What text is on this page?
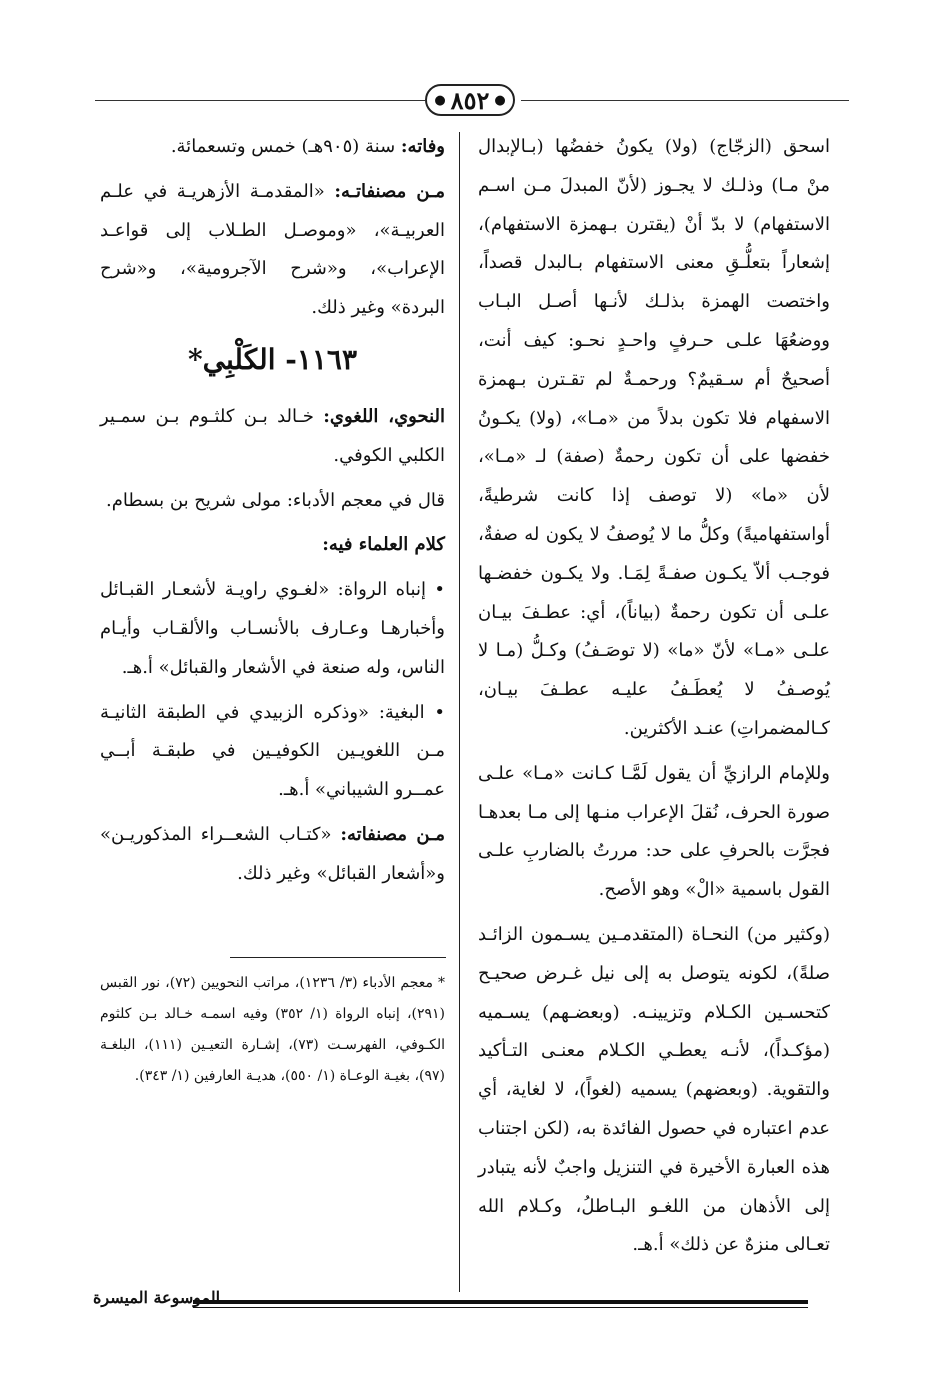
●
٨٥٢
●

اسحق (الزجّاج) (ولا) يكونُ خفضُها (بـالإبدال منْ مـا) وذلـك لا يجـوز (لأنّ المبدلَ مـن اسـم الاستفهام) لا بدّ أنْ (يقترن بـهمزة الاستفهام)، إشعاراً بتعلُّـقِ معنى الاستفهام بـالبدل قصداً، واختصت الهمزة بذلـك لأنـها أصـل البـاب ووضعُهَا علـى حـرفٍ واحـدٍ نحـو: كيف أنت، أصحيحٌ أم سـقيمٌ؟ ورحمـةٌ لم تقـترن بـهمزة الاسفهام فلا تكون بدلاً من «مـا»، (ولا) يكـونُ خفضها على أن تكون رحمةٌ (صفة) لـ «مـا»، لأن «ما» (لا توصف إذا كانت شرطيةً، أواستفهاميةً) وكلُّ ما لا يُوصفُ لا يكون له صفةٌ، فوجـب ألاّ يكـون صفـةً لِمَـا. ولا يكـون خفضـها علـى أن تكون رحمةٌ (بياناً)، أي: عطـفَ بيـان علـى «مـا» لأنّ «ما» (لا توصَـفُ) وكـلُّ (مـا لا يُوصـفُ لا يُعطَـفُ عليـه عطـفَ بيـان، كـالمضمراتِ) عنـد الأكثرين.

وللإمام الرازيِّ أن يقول لَمَّـا كـانت «مـا» علـى صورة الحرف، نُقلَ الإعراب منـها إلى مـا بعدهـا فجرَّت بالحرفِ على حد: مررتُ بالضاربِ علـى القول باسمية «الْ» وهو الأصح.

(وكثير من) النحـاة (المتقدمـين يسـمون الزائـد صلةً)، لكونه يتوصل به إلى نيل غـرض صحيـح كتحسـين الكـلام وتزيينـه. (وبعضـهم) يسـميه (مؤكـداً)، لأنـه يعطـي الكـلام معنـى التـأكيد والتقوية. (وبعضهم) يسميه (لغواً)، لا لغاية، أي عدم اعتباره في حصول الفائدة به، (لكن اجتناب هذه العبارة الأخيرة في التنزيل واجبٌ لأنه يتبادر إلى الأذهان من اللغـو البـاطلُ، وكـلام الله تعـالى منزهٌ عن ذلك» أ.هـ.

وفاته: سنة (٩٠٥هـ) خمس وتسعمائة.

مـن مصنفاتـه: «المقدمـة الأزهريـة في علـم العربيـة»، «وموصـل الطـلاب إلى قواعـد الإعراب»، و«شرح الآجرومية»، و«شرح البردة» وغير ذلك.

١١٦٣- الكَلْبِي*

النحوي، اللغوي: خـالد بـن كلثـوم بـن سمـير الكلبي الكوفي.

قال في معجم الأدباء: مولى شريح بن بسطام.

كلام العلماء فيه:

• إنباه الرواة: «لغـوي راويـة لأشعـار القبـائل وأخبارهـا وعـارف بالأنسـاب والألقـاب وأيـام الناس، وله صنعة في الأشعار والقبائل» أ.هـ.

• البغية: «وذكره الزبيدي في الطبقة الثانيـة مـن اللغويـين الكوفيـين في طبقـة أبــي عمــرو الشيباني» أ.هـ.

مـن مصنفاته: «كتـاب الشعــراء المذكوريـن» و«أشعار القبائل» وغير ذلك.

* معجم الأدباء (٣/ ١٢٣٦)، مراتب النحويين (٧٢)، نور القبس (٢٩١)، إنباه الرواة (١/ ٣٥٢) وفيه اسمـه خـالد بـن كلثوم الكـوفي، الفهرسـت (٧٣)، إشـارة التعيـين (١١١)، البلغـة (٩٧)، بغيـة الوعـاة (١/ ٥٥٠)، هديـة العارفين (١/ ٣٤٣).
الموسوعة الميسرة
